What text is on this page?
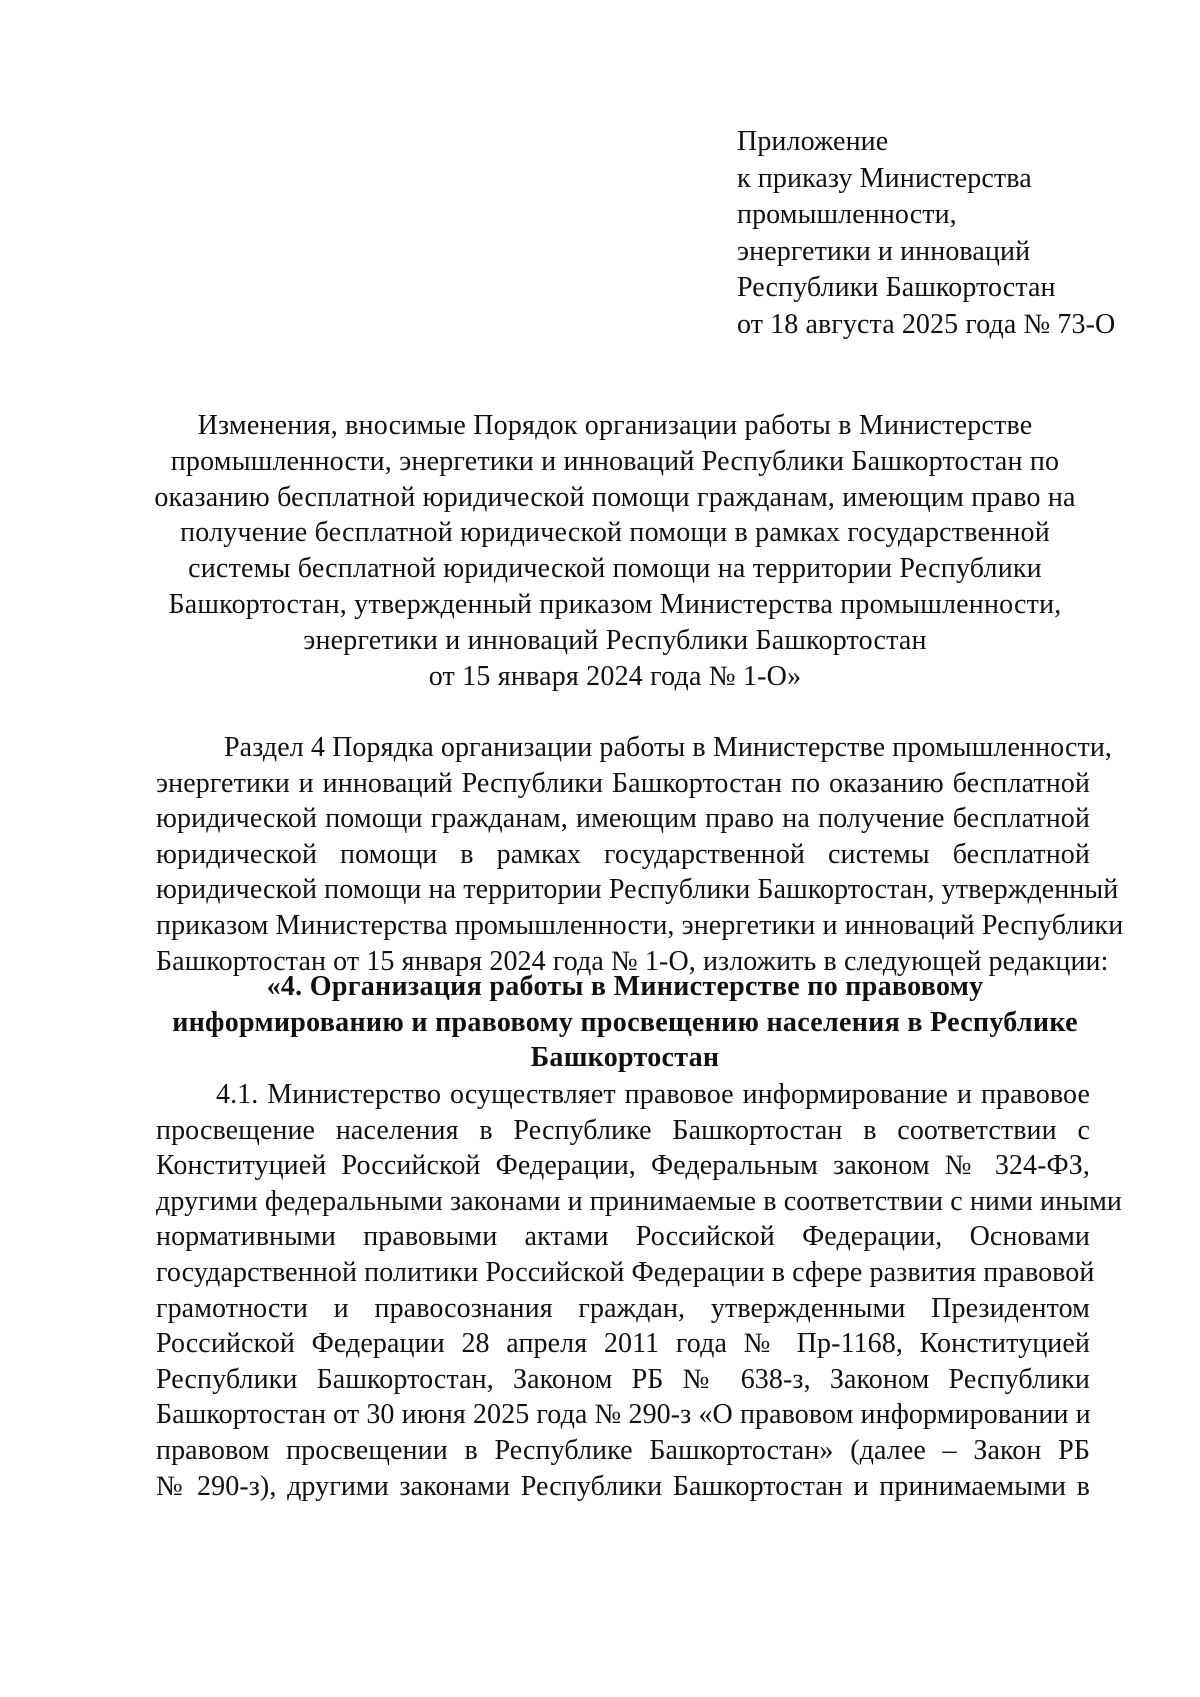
Приложение
к приказу Министерства
промышленности,
энергетики и инноваций
Республики Башкортостан
от 18 августа 2025 года № 73-О
Изменения, вносимые Порядок организации работы в Министерстве
промышленности, энергетики и инноваций Республики Башкортостан по
оказанию бесплатной юридической помощи гражданам, имеющим право на
получение бесплатной юридической помощи в рамках государственной
системы бесплатной юридической помощи на территории Республики
Башкортостан, утвержденный приказом Министерства промышленности,
энергетики и инноваций Республики Башкортостан
от 15 января 2024 года № 1-О»
Раздел 4 Порядка организации работы в Министерстве промышленности,
энергетики и инноваций Республики Башкортостан по оказанию бесплатной
юридической помощи гражданам, имеющим право на получение бесплатной
юридической помощи в рамках государственной системы бесплатной
юридической помощи на территории Республики Башкортостан, утвержденный
приказом Министерства промышленности, энергетики и инноваций Республики
Башкортостан от 15 января 2024 года № 1-О, изложить в следующей редакции:
«4. Организация работы в Министерстве по правовому
информированию и правовому просвещению населения в Республике
Башкортостан
4.1. Министерство осуществляет правовое информирование и правовое
просвещение населения в Республике Башкортостан в соответствии с
Конституцией Российской Федерации, Федеральным законом № 324-ФЗ,
другими федеральными законами и принимаемые в соответствии с ними иными
нормативными правовыми актами Российской Федерации, Основами
государственной политики Российской Федерации в сфере развития правовой
грамотности и правосознания граждан, утвержденными Президентом
Российской Федерации 28 апреля 2011 года № Пр-1168, Конституцией
Республики Башкортостан, Законом РБ № 638-з, Законом Республики
Башкортостан от 30 июня 2025 года № 290-з «О правовом информировании и
правовом просвещении в Республике Башкортостан» (далее – Закон РБ
№ 290-з), другими законами Республики Башкортостан и принимаемыми в
